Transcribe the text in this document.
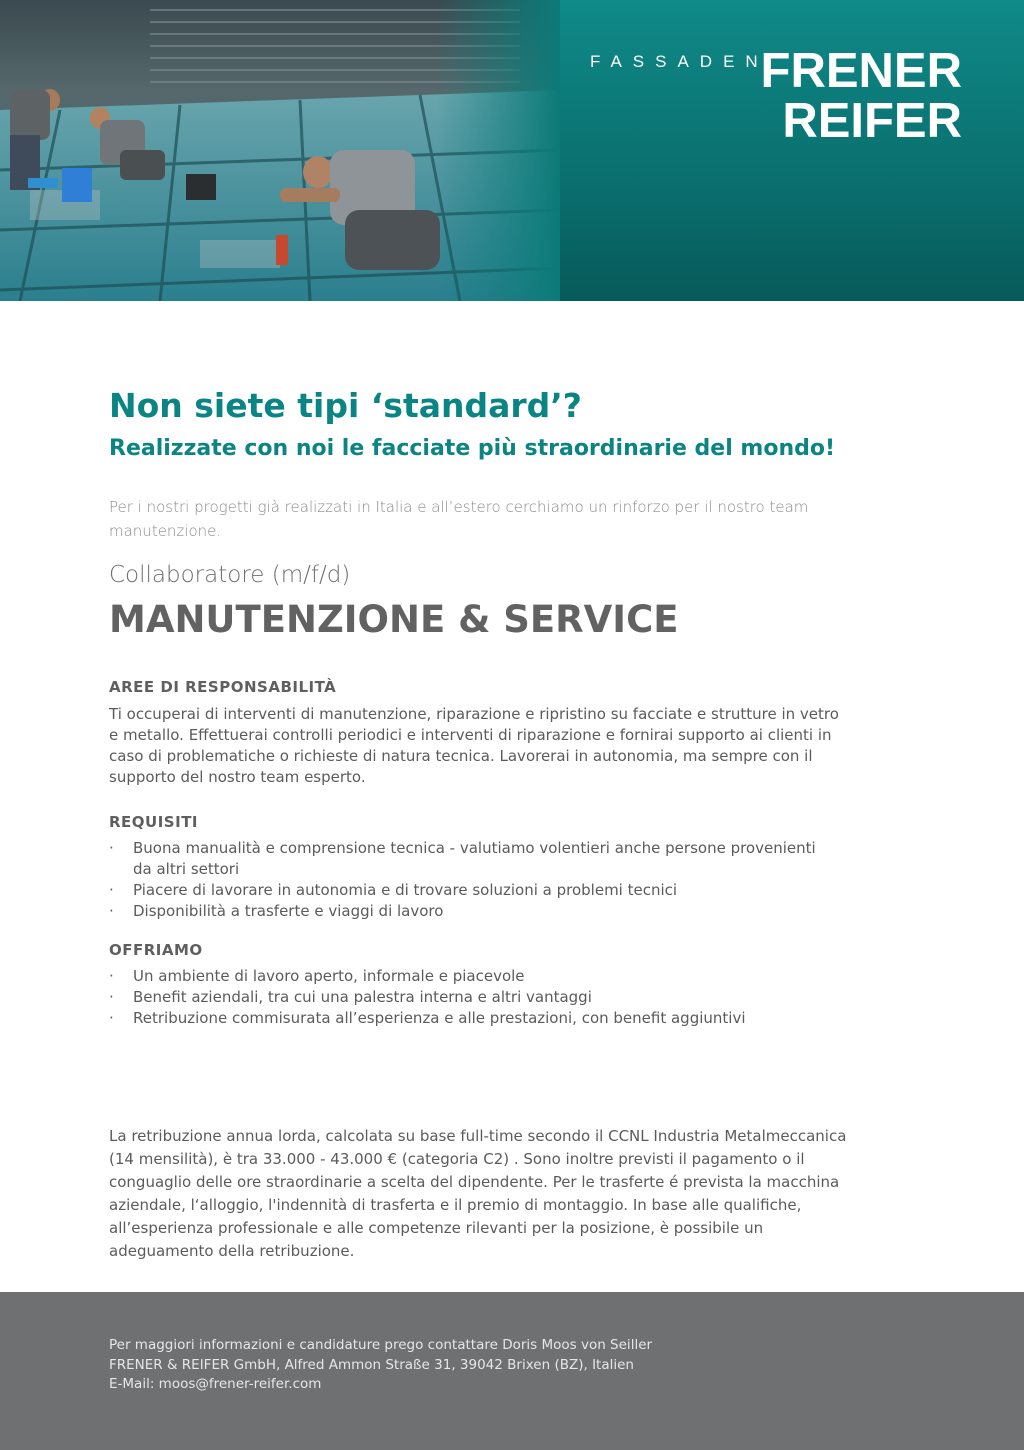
FASSADEN
FRENER
REIFER
Non siete tipi ‘standard’?
Realizzate con noi le facciate più straordinarie del mondo!

Per i nostri progetti già realizzati in Italia e all’estero cerchiamo un rinforzo per il nostro team manutenzione.

Collaboratore (m/f/d)

MANUTENZIONE & SERVICE

AREE DI RESPONSABILITÀ

Ti occuperai di interventi di manutenzione, riparazione e ripristino su facciate e strutture in vetro e metallo. Effettuerai controlli periodici e interventi di riparazione e fornirai supporto ai clienti in caso di problematiche o richieste di natura tecnica. Lavorerai in autonomia, ma sempre con il supporto del nostro team esperto.

REQUISITI
· Buona manualità e comprensione tecnica - valutiamo volentieri anche persone provenienti da altri settori
· Piacere di lavorare in autonomia e di trovare soluzioni a problemi tecnici
· Disponibilità a trasferte e viaggi di lavoro
OFFRIAMO
· Un ambiente di lavoro aperto, informale e piacevole
· Benefit aziendali, tra cui una palestra interna e altri vantaggi
· Retribuzione commisurata all’esperienza e alle prestazioni, con benefit aggiuntivi

La retribuzione annua lorda, calcolata su base full-time secondo il CCNL Industria Metalmeccanica (14 mensilità), è tra 33.000 - 43.000 € (categoria C2) . Sono inoltre previsti il pagamento o il conguaglio delle ore straordinarie a scelta del dipendente. Per le trasferte é prevista la macchina aziendale, l‘alloggio, l'indennità di trasferta e il premio di montaggio. In base alle qualifiche, all’esperienza professionale e alle competenze rilevanti per la posizione, è possibile un adeguamento della retribuzione.

Per maggiori informazioni e candidature prego contattare Doris Moos von Seiller
FRENER & REIFER GmbH, Alfred Ammon Straße 31, 39042 Brixen (BZ), Italien
E-Mail: moos@frener-reifer.com
